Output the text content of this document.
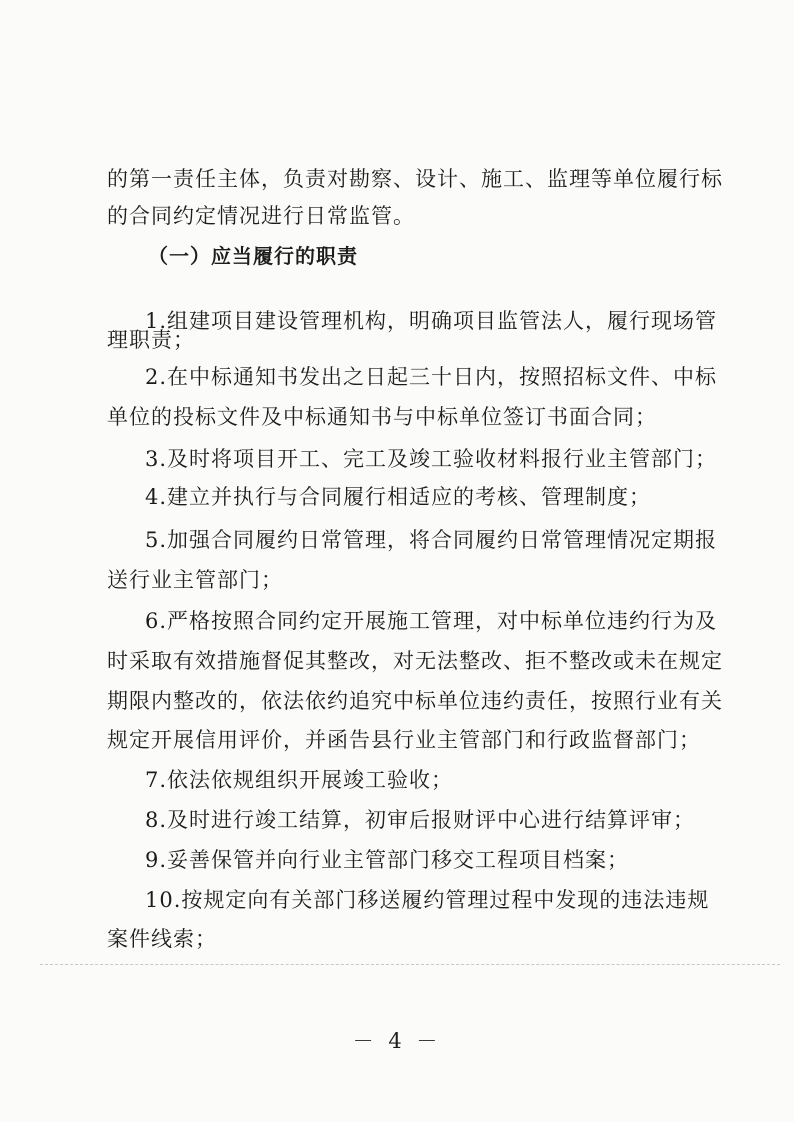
的第一责任主体，负责对勘察、设计、施工、监理等单位履行标
的合同约定情况进行日常监管。
（一）应当履行的职责
1.组建项目建设管理机构，明确项目监管法人，履行现场管
理职责；
2.在中标通知书发出之日起三十日内，按照招标文件、中标
单位的投标文件及中标通知书与中标单位签订书面合同；
3.及时将项目开工、完工及竣工验收材料报行业主管部门；
4.建立并执行与合同履行相适应的考核、管理制度；
5.加强合同履约日常管理，将合同履约日常管理情况定期报
送行业主管部门；
6.严格按照合同约定开展施工管理，对中标单位违约行为及
时采取有效措施督促其整改，对无法整改、拒不整改或未在规定
期限内整改的，依法依约追究中标单位违约责任，按照行业有关
规定开展信用评价，并函告县行业主管部门和行政监督部门；
7.依法依规组织开展竣工验收；
8.及时进行竣工结算，初审后报财评中心进行结算评审；
9.妥善保管并向行业主管部门移交工程项目档案；
10.按规定向有关部门移送履约管理过程中发现的违法违规
案件线索；
－ 4 －
